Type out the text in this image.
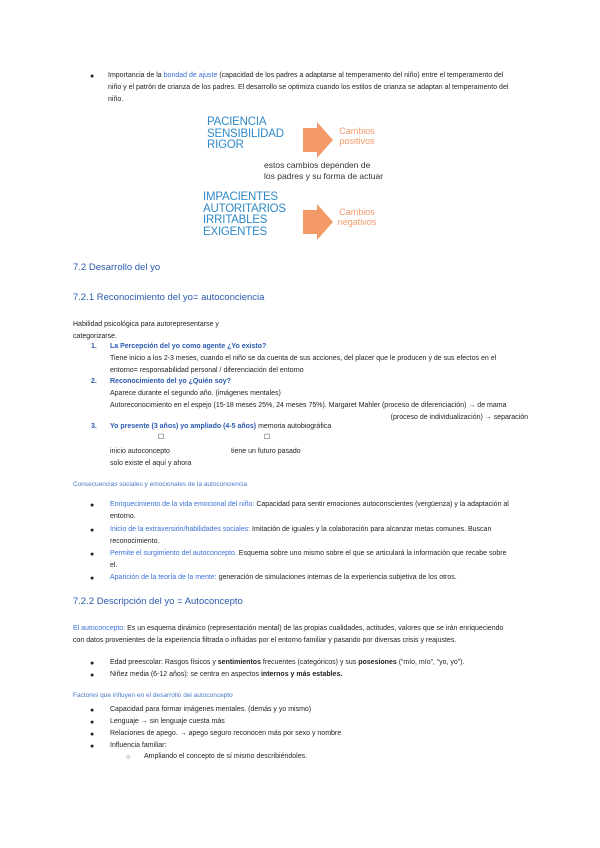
● Importancia de la bondad de ajuste (capacidad de los padres a adaptarse al temperamento del niño) entre el temperamento del
niño y el patrón de crianza de los padres. El desarrollo se optimiza cuando los estilos de crianza se adaptan al temperamento del
niño.
PACIENCIA
SENSIBILIDAD
RIGOR
Cambios
positivos
estos cambios dependen de
los padres y su forma de actuar
IMPACIENTES
AUTORITARIOS
IRRITABLES
EXIGENTES
Cambios
negativos
7.2 Desarrollo del yo
7.2.1 Reconocimiento del yo= autoconciencia
Habilidad psicológica para autorepresentarse y
categorizarse.
1. La Percepción del yo como agente ¿Yo existo?
Tiene inicio a los 2-3 meses, cuando el niño se da cuenta de sus acciones, del placer que le producen y de sus efectos en el
entorno= responsabilidad personal / diferenciación del entorno
2. Reconocimiento del yo ¿Quién soy?
Aparece durante el segundo año. (imágenes mentales)
Autoreconocimiento en el espejo (15-18 meses 25%, 24 meses 75%). Margaret Mahler (proceso de diferenciación) → de mama
(proceso de individualización) → separación
3. Yo presente (3 años) yo ampliado (4-5 años) memoria autobiográfica
☐	☐
inicio autoconcepto
solo existe el aquí y ahora
tiene un futuro pasado
Consecuencias sociales y emocionales de la autoconciencia
● Enriquecimiento de la vida emocional del niño: Capacidad para sentir emociones autoconscientes (vergüenza) y la adaptación al
entorno.
● Inicio de la extraversión/habilidades sociales: Imitación de iguales y la colaboración para alcanzar metas comunes. Buscan
reconocimiento.
● Permite el surgimiento del autoconcepto. Esquema sobre uno mismo sobre el que se articulará la información que recabe sobre
el.
● Aparición de la teoría de la mente: generación de simulaciones internas de la experiencia subjetiva de los otros.
7.2.2 Descripción del yo = Autoconcepto
El autoconcepto: Es un esquema dinámico (representación mental) de las propias cualidades, actitudes, valores que se irán enriqueciendo
con datos provenientes de la experiencia filtrada o influidas por el entorno familiar y pasando por diversas crisis y reajustes.
● Edad preescolar: Rasgos físicos y sentimientos frecuentes (categóricos) y sus posesiones (“mío, mío”, “yo, yo”).
● Niñez media (6-12 años): se centra en aspectos internos y más estables.
Factores que influyen en el desarrollo del autoconcepto
● Capacidad para formar imágenes mentales. (demás y yo mismo)
● Lenguaje → sin lenguaje cuesta más
● Relaciones de apego. → apego seguro reconocen más por sexo y nombre
● Influencia familiar:
○ Ampliando el concepto de sí mismo describiéndoles.
